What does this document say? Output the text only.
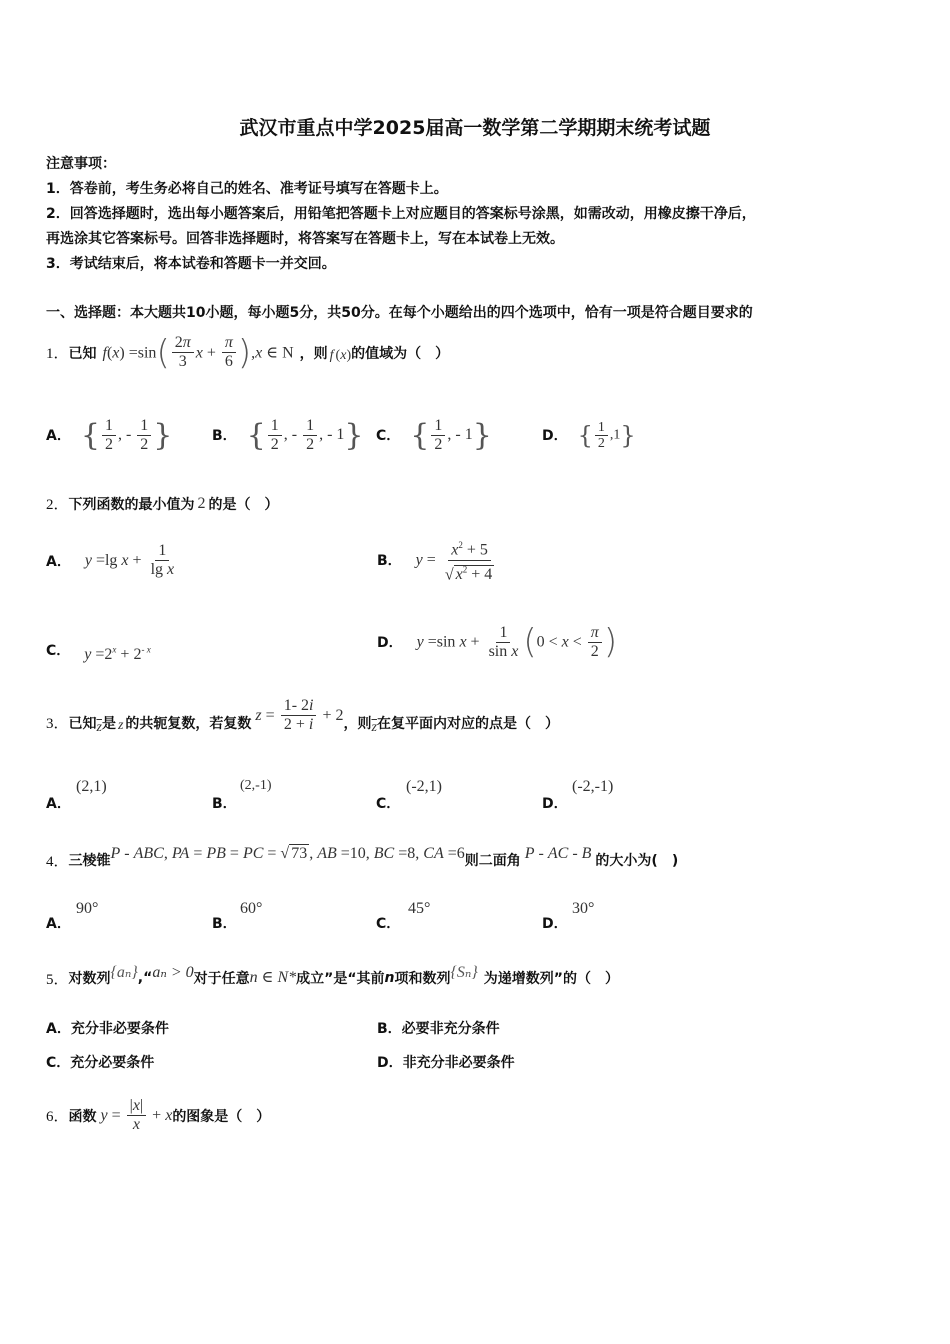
武汉市重点中学2025届高一数学第二学期期末统考试题
注意事项：
1．答卷前，考生务必将自己的姓名、准考证号填写在答题卡上。
2．回答选择题时，选出每小题答案后，用铅笔把答题卡上对应题目的答案标号涂黑，如需改动，用橡皮擦干净后，
再选涂其它答案标号。回答非选择题时，将答案写在答题卡上，写在本试卷上无效。
3．考试结束后，将本试卷和答题卡一并交回。
一、选择题：本大题共10小题，每小题5分，共50分。在每个小题给出的四个选项中，恰有一项是符合题目要求的
1． 已知 $f(x) =\sin( \frac{2\pi}{3}$ $x + \frac{\pi}{6} ),x$ ∈ N ，则 f ( x ) 的值域为（　）
A． { $\frac{1}{2}$ , - $\frac{1}{2}$ }	B． { $\frac{1}{2}$ , - $\frac{1}{2}$ , - 1} C． { $\frac{1}{2}$ , - 1}	D． { $\frac{1}{2} ,1$}
2． 下列函数的最小值为 2 的是（　）
A． y =lg $x + \frac{1}{\text{lg x}}$	B． $y = \frac{x^2 + 5}{√ x^2 + 4}$
C． $y =2^x + 2^{- x}$	D． y =sin $x + \frac{1}{\text{sin x}} (0 < x < \frac{\pi}{2}$ )
3． 已知 $\overline{z}$ 是 z 的共轭复数，若复数 $z = \frac{1- 2i}{2 + i} + 2$ ，则 $\overline{z}$ 在复平面内对应的点是（　）
A．
(2,1)
B．
(2,-1)
C．
(-2,1)
D．
(-2,-1)
4． 三棱锥 P - ABC, PA = PB = PC = √ 73 , AB =10, BC =8, CA =6 则二面角 P - AC - B 的大小为(　)
A．
90°
B．
60°
C．
45°
D．
30°
5． 对数列 {aₙ} ,“ aₙ > 0 对于任意 n ∈ N* 成立”是“其前 n 项和数列 {Sₙ} 为递增数列”的（　）
A．充分非必要条件	B．必要非充分条件
C．充分必要条件	D．非充分非必要条件
6． 函数 $y = \frac{|x|}{x} + x$ 的图象是（　）
